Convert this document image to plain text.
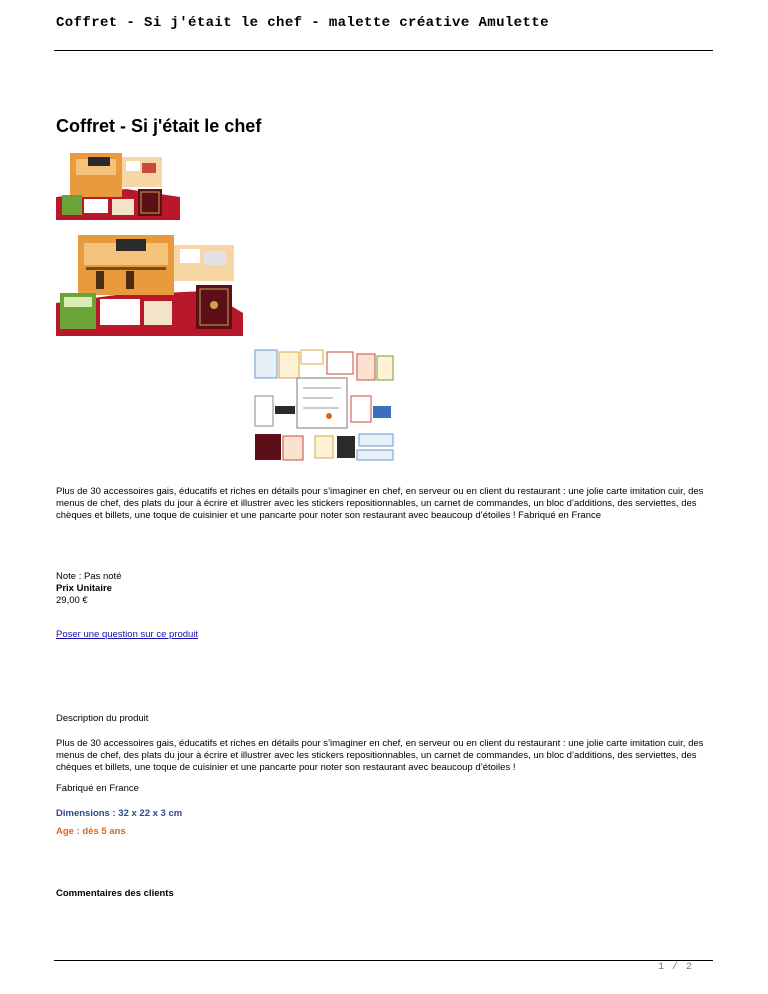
Coffret - Si j'était le chef - malette créative Amulette
Coffret - Si j'était le chef
Plus de 30 accessoires gais, éducatifs et riches en détails pour s’imaginer en chef, en serveur ou en client du restaurant : une jolie carte imitation cuir, des menus de chef, des plats du jour à écrire et illustrer avec les stickers repositionnables, un carnet de commandes, un bloc d’additions, des serviettes, des chèques et billets, une toque de cuisinier et une pancarte pour noter son restaurant avec beaucoup d’étoiles ! Fabriqué en France
Note : Pas noté
Prix Unitaire
29,00 €
Poser une question sur ce produit
Description du produit
Plus de 30 accessoires gais, éducatifs et riches en détails pour s’imaginer en chef, en serveur ou en client du restaurant : une jolie carte imitation cuir, des menus de chef, des plats du jour à écrire et illustrer avec les stickers repositionnables, un carnet de commandes, un bloc d’additions, des serviettes, des chèques et billets, une toque de cuisinier et une pancarte pour noter son restaurant avec beaucoup d’étoiles !
Fabriqué en France
Dimensions : 32 x 22 x 3 cm
Age : dès 5 ans
Commentaires des clients
1 / 2
